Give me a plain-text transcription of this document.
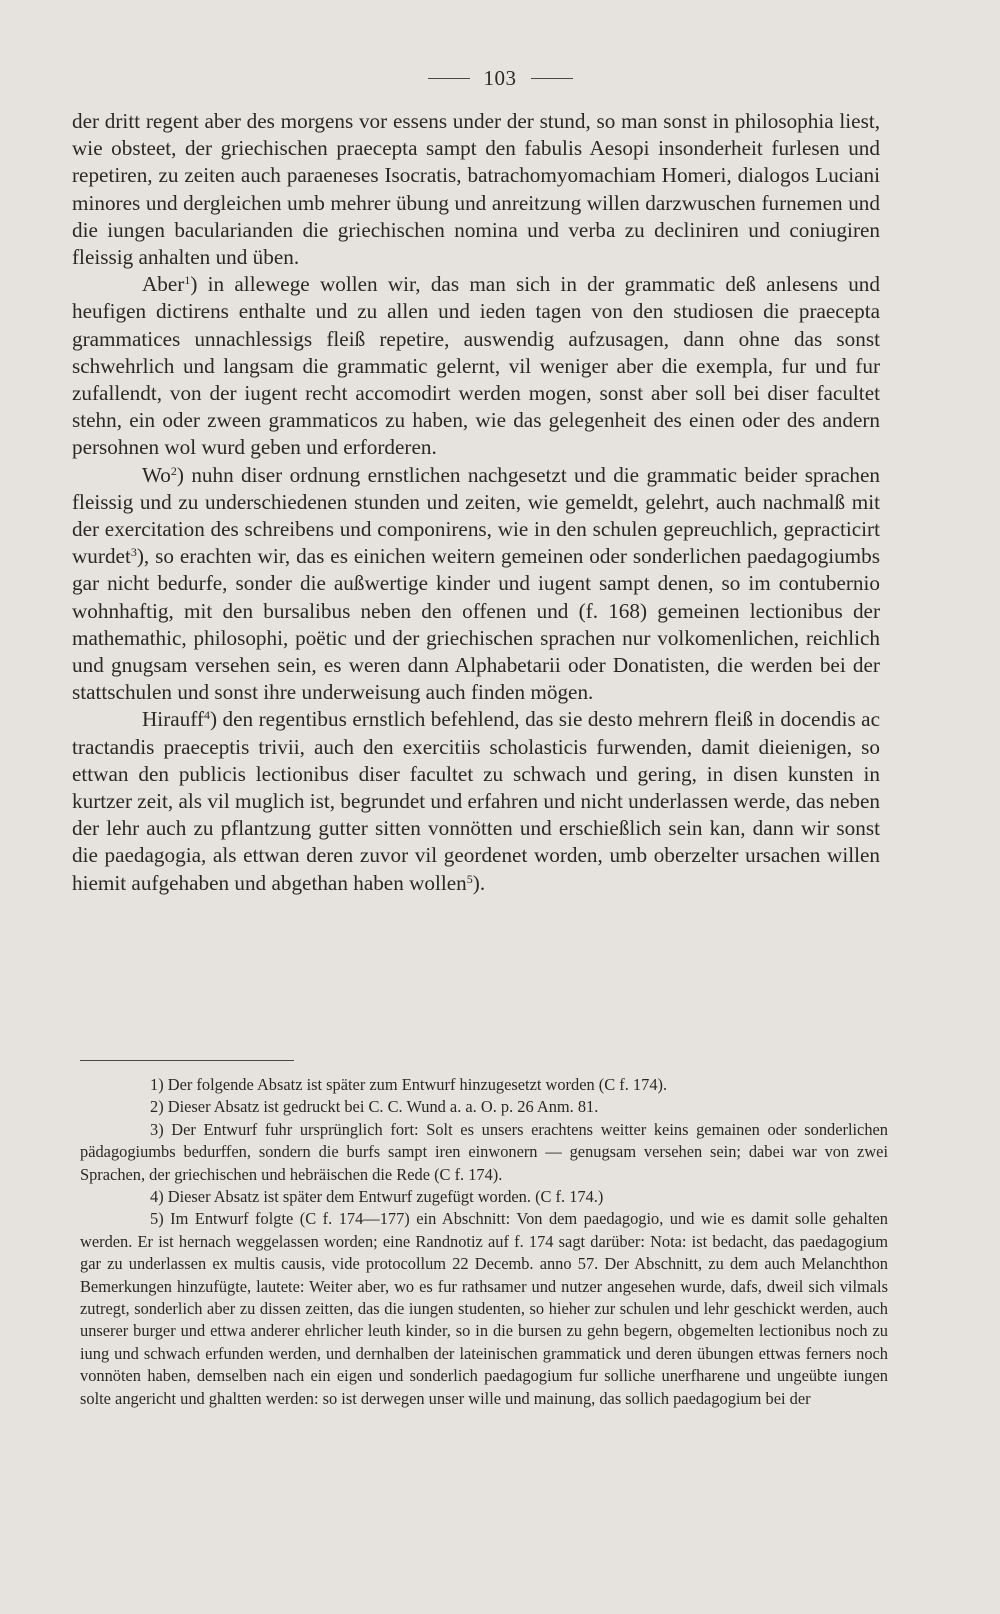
103

der dritt regent aber des morgens vor essens under der stund, so man sonst in philosophia liest, wie obsteet, der griechischen praecepta sampt den fabulis Aesopi insonderheit furlesen und repetiren, zu zeiten auch paraeneses Isocratis, batrachomyomachiam Homeri, dialogos Luciani minores und dergleichen umb mehrer übung und anreitzung willen darzwuschen furnemen und die iungen bacularianden die griechischen nomina und verba zu decliniren und coniugiren fleissig anhalten und üben.

Aber$^1$) in allewege wollen wir, das man sich in der grammatic deß anlesens und heufigen dictirens enthalte und zu allen und ieden tagen von den studiosen die praecepta grammatices unnachlessigs fleiß repetire, auswendig aufzusagen, dann ohne das sonst schwehrlich und langsam die grammatic gelernt, vil weniger aber die exempla, fur und fur zufallendt, von der iugent recht accomodirt werden mogen, sonst aber soll bei diser facultet stehn, ein oder zween grammaticos zu haben, wie das gelegenheit des einen oder des andern persohnen wol wurd geben und erforderen.

Wo$^2$) nuhn diser ordnung ernstlichen nachgesetzt und die grammatic beider sprachen fleissig und zu underschiedenen stunden und zeiten, wie gemeldt, gelehrt, auch nachmalß mit der exercitation des schreibens und componirens, wie in den schulen gepreuchlich, gepracticirt wurdet$^3$), so erachten wir, das es einichen weitern gemeinen oder sonderlichen paedagogiumbs gar nicht bedurfe, sonder die außwertige kinder und iugent sampt denen, so im contubernio wohnhaftig, mit den bursalibus neben den offenen und (f. 168) gemeinen lectionibus der mathemathic, philosophi, poëtic und der griechischen sprachen nur volkomenlichen, reichlich und gnugsam versehen sein, es weren dann Alphabetarii oder Donatisten, die werden bei der stattschulen und sonst ihre underweisung auch finden mögen.

Hirauff$^4$) den regentibus ernstlich befehlend, das sie desto mehrern fleiß in docendis ac tractandis praeceptis trivii, auch den exercitiis scholasticis furwenden, damit dieienigen, so ettwan den publicis lectionibus diser facultet zu schwach und gering, in disen kunsten in kurtzer zeit, als vil muglich ist, begrundet und erfahren und nicht underlassen werde, das neben der lehr auch zu pflantzung gutter sitten vonnötten und erschießlich sein kan, dann wir sonst die paedagogia, als ettwan deren zuvor vil geordenet worden, umb oberzelter ursachen willen hiemit aufgehaben und abgethan haben wollen$^5$).

1) Der folgende Absatz ist später zum Entwurf hinzugesetzt worden (C f. 174).

2) Dieser Absatz ist gedruckt bei C. C. Wund a. a. O. p. 26 Anm. 81.

3) Der Entwurf fuhr ursprünglich fort: Solt es unsers erachtens weitter keins gemainen oder sonderlichen pädagogiumbs bedurffen, sondern die burfs sampt iren einwonern — genugsam versehen sein; dabei war von zwei Sprachen, der griechischen und hebräischen die Rede (C f. 174).

4) Dieser Absatz ist später dem Entwurf zugefügt worden. (C f. 174.)

5) Im Entwurf folgte (C f. 174—177) ein Abschnitt: Von dem paedagogio, und wie es damit solle gehalten werden. Er ist hernach weggelassen worden; eine Randnotiz auf f. 174 sagt darüber: Nota: ist bedacht, das paedagogium gar zu underlassen ex multis causis, vide protocollum 22 Decemb. anno 57. Der Abschnitt, zu dem auch Melanchthon Bemerkungen hinzufügte, lautete: Weiter aber, wo es fur rathsamer und nutzer angesehen wurde, dafs, dweil sich vilmals zutregt, sonderlich aber zu dissen zeitten, das die iungen studenten, so hieher zur schulen und lehr geschickt werden, auch unserer burger und ettwa anderer ehrlicher leuth kinder, so in die bursen zu gehn begern, obgemelten lectionibus noch zu iung und schwach erfunden werden, und dernhalben der lateinischen grammatick und deren übungen ettwas ferners noch vonnöten haben, demselben nach ein eigen und sonderlich paedagogium fur solliche unerfharene und ungeübte iungen solte angericht und ghaltten werden: so ist derwegen unser wille und mainung, das sollich paedagogium bei der
